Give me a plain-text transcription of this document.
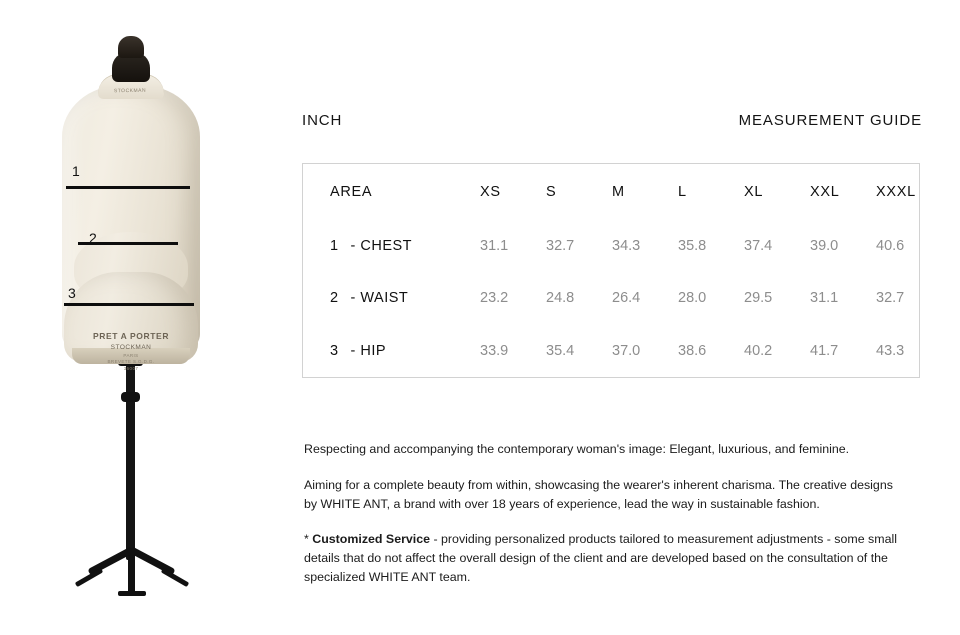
STOCKMAN
PRET A PORTER
STOCKMAN
PARIS
BREVETE S.G.D.G.
36007
1
2
3
INCH	MEASUREMENT GUIDE
AREA	XS	S	M	L	XL	XXL	XXXL
1 - CHEST	31.1	32.7	34.3	35.8	37.4	39.0	40.6
2 - WAIST	23.2	24.8	26.4	28.0	29.5	31.1	32.7
3 - HIP	33.9	35.4	37.0	38.6	40.2	41.7	43.3

Respecting and accompanying the contemporary woman's image: Elegant, luxurious, and feminine.

Aiming for a complete beauty from within, showcasing the wearer's inherent charisma. The creative designs by WHITE ANT, a brand with over 18 years of experience, lead the way in sustainable fashion.

* Customized Service - providing personalized products tailored to measurement adjustments - some small details that do not affect the overall design of the client and are developed based on the consultation of the specialized WHITE ANT team.
